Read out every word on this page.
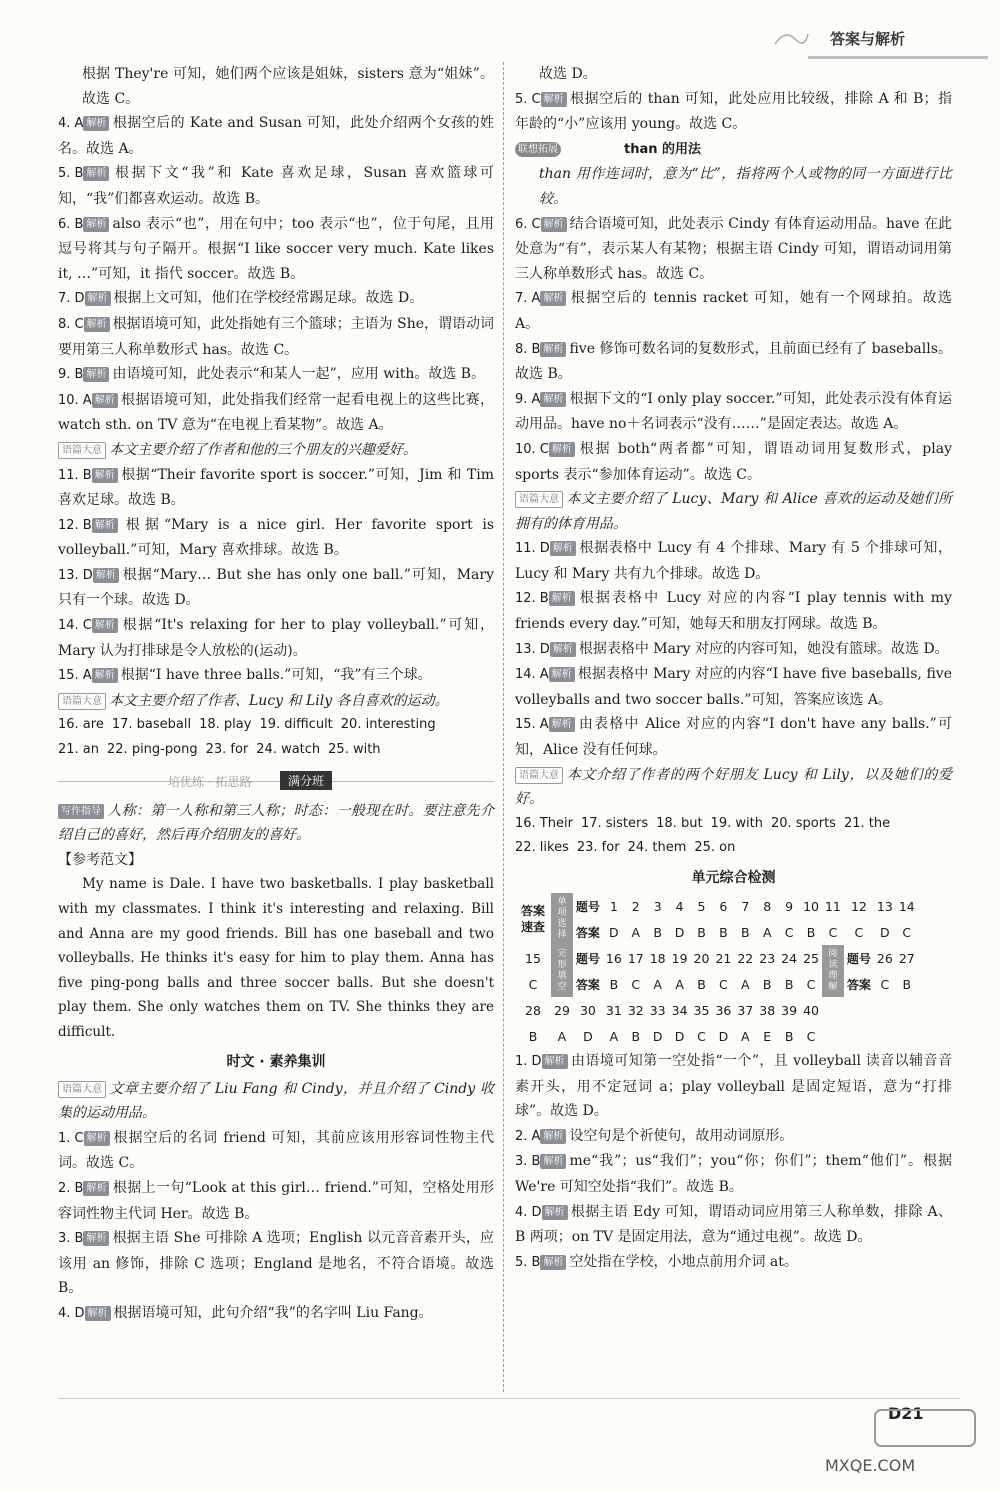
答案与解析
根据 They're 可知，她们两个应该是姐妹，sisters 意为“姐妹”。故选 C。
4. A 解析 根据空后的 Kate and Susan 可知，此处介绍两个女孩的姓名。故选 A。
5. B 解析 根据下文“我”和 Kate 喜欢足球，Susan 喜欢篮球可知，“我”们都喜欢运动。故选 B。
6. B 解析 also 表示“也”，用在句中；too 表示“也”，位于句尾，且用逗号将其与句子隔开。根据“I like soccer very much. Kate likes it, …”可知，it 指代 soccer。故选 B。
7. D 解析 根据上文可知，他们在学校经常踢足球。故选 D。
8. C 解析 根据语境可知，此处指她有三个篮球；主语为 She，谓语动词要用第三人称单数形式 has。故选 C。
9. B 解析 由语境可知，此处表示“和某人一起”，应用 with。故选 B。
10. A 解析 根据语境可知，此处指我们经常一起看电视上的这些比赛，watch sth. on TV 意为“在电视上看某物”。故选 A。
语篇大意 本文主要介绍了作者和他的三个朋友的兴趣爱好。
11. B 解析 根据“Their favorite sport is soccer.”可知，Jim 和 Tim 喜欢足球。故选 B。
12. B 解析 根据“Mary is a nice girl. Her favorite sport is volleyball.”可知，Mary 喜欢排球。故选 B。
13. D 解析 根据“Mary… But she has only one ball.”可知，Mary 只有一个球。故选 D。
14. C 解析 根据“It's relaxing for her to play volleyball.”可知，Mary 认为打排球是令人放松的(运动)。
15. A 解析 根据“I have three balls.”可知，“我”有三个球。
语篇大意 本文主要介绍了作者、Lucy 和 Lily 各自喜欢的运动。
16. are 17. baseball 18. play 19. difficult 20. interesting
21. an 22. ping-pong 23. for 24. watch 25. with
培优练 · 拓思路	满分班
写作指导 人称：第一人称和第三人称；时态：一般现在时。要注意先介绍自己的喜好，然后再介绍朋友的喜好。
【参考范文】
My name is Dale. I have two basketballs. I play basketball with my classmates. I think it's interesting and relaxing. Bill and Anna are my good friends. Bill has one baseball and two volleyballs. He thinks it's easy for him to play them. Anna has five ping-pong balls and three soccer balls. But she doesn't play them. She only watches them on TV. She thinks they are difficult.
时文 · 素养集训
语篇大意 文章主要介绍了 Liu Fang 和 Cindy，并且介绍了 Cindy 收集的运动用品。
1. C 解析 根据空后的名词 friend 可知，其前应该用形容词性物主代词。故选 C。
2. B 解析 根据上一句“Look at this girl… friend.”可知，空格处用形容词性物主代词 Her。故选 B。
3. B 解析 根据主语 She 可排除 A 选项；English 以元音音素开头，应该用 an 修饰，排除 C 选项；England 是地名，不符合语境。故选 B。
4. D 解析 根据语境可知，此句介绍“我”的名字叫 Liu Fang。
故选 D。
5. C 解析 根据空后的 than 可知，此处应用比较级，排除 A 和 B；指年龄的“小”应该用 young。故选 C。
联想拓展	than 的用法
than 用作连词时，意为“比”，指将两个人或物的同一方面进行比较。
6. C 解析 结合语境可知，此处表示 Cindy 有体育运动用品。have 在此处意为“有”，表示某人有某物；根据主语 Cindy 可知，谓语动词用第三人称单数形式 has。故选 C。
7. A 解析 根据空后的 tennis racket 可知，她有一个网球拍。故选 A。
8. B 解析 five 修饰可数名词的复数形式，且前面已经有了 baseballs。故选 B。
9. A 解析 根据下文的“I only play soccer.”可知，此处表示没有体育运动用品。have no＋名词表示“没有……”是固定表达。故选 A。
10. C 解析 根据 both“两者都”可知，谓语动词用复数形式，play sports 表示“参加体育运动”。故选 C。
语篇大意 本文主要介绍了 Lucy、Mary 和 Alice 喜欢的运动及她们所拥有的体育用品。
11. D 解析 根据表格中 Lucy 有 4 个排球、Mary 有 5 个排球可知，Lucy 和 Mary 共有九个排球。故选 D。
12. B 解析 根据表格中 Lucy 对应的内容“I play tennis with my friends every day.”可知，她每天和朋友打网球。故选 B。
13. D 解析 根据表格中 Mary 对应的内容可知，她没有篮球。故选 D。
14. A 解析 根据表格中 Mary 对应的内容“I have five baseballs, five volleyballs and two soccer balls.”可知，答案应该选 A。
15. A 解析 由表格中 Alice 对应的内容“I don't have any balls.”可知，Alice 没有任何球。
语篇大意 本文介绍了作者的两个好朋友 Lucy 和 Lily，以及她们的爱好。
16. Their 17. sisters 18. but 19. with 20. sports 21. the
22. likes 23. for 24. them 25. on
单元综合检测
答案速查	单项选择	题号	1	2	3	4	5	6	7	8	9	10	11	12	13	14
		答案	D	A	B	D	B	B	B	A	C	B	C	C	D	C
15	完形填空	题号	16	17	18	19	20	21	22	23	24	25	阅读理解	题号	26	27
C		答案	B	C	A	A	B	C	A	B	B	C		答案	C	B
28	29	30	31	32	33	34	35	36	37	38	39	40				
B	A	D	A	B	D	D	C	D	A	E	B	C				
1. D 解析 由语境可知第一空处指“一个”，且 volleyball 读音以辅音音素开头，用不定冠词 a；play volleyball 是固定短语，意为“打排球”。故选 D。
2. A 解析 设空句是个祈使句，故用动词原形。
3. B 解析 me“我”；us“我们”；you“你；你们”；them“他们”。根据 We're 可知空处指“我们”。故选 B。
4. D 解析 根据主语 Edy 可知，谓语动词应用第三人称单数，排除 A、B 两项；on TV 是固定用法，意为“通过电视”。故选 D。
5. B 解析 空处指在学校，小地点前用介词 at。
D21
MXQE.COM
